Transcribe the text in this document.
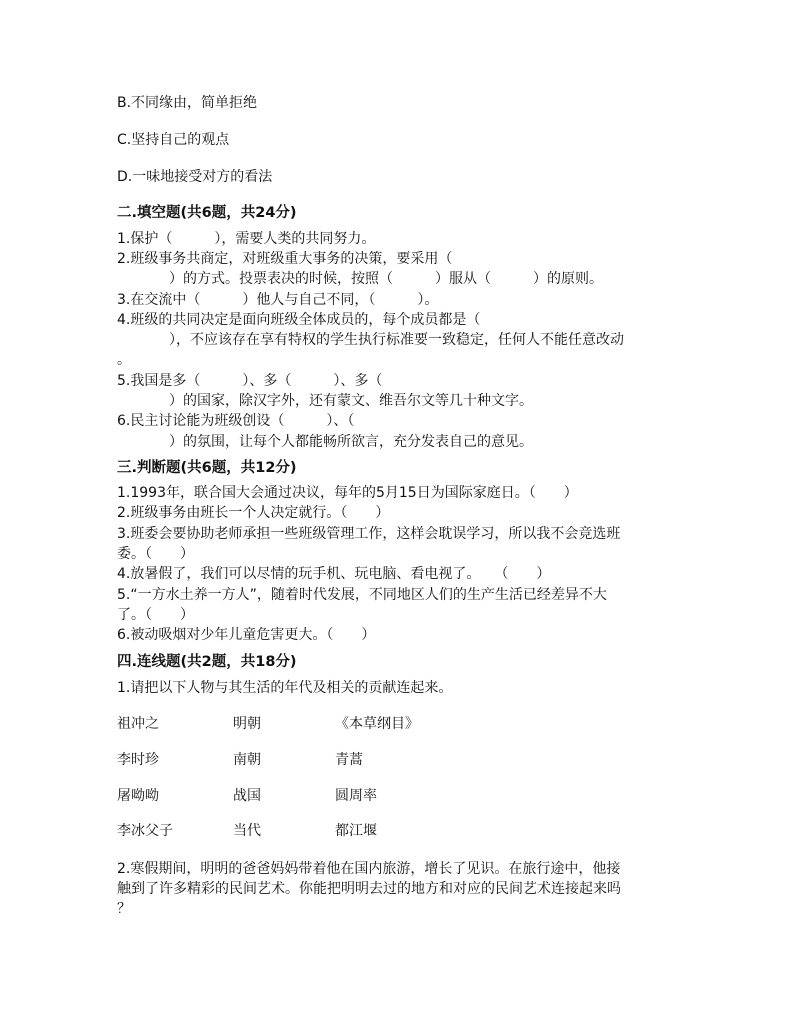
B.不同缘由，简单拒绝
C.坚持自己的观点
D.一味地接受对方的看法
二.填空题(共6题，共24分)
1.保护（　　　），需要人类的共同努力。
2.班级事务共商定，对班级重大事务的决策，要采用（
　　）的方式。投票表决的时候，按照（　　　）服从（　　　）的原则。
3.在交流中（　　　）他人与自己不同，（　　　）。
4.班级的共同决定是面向班级全体成员的，每个成员都是（
　　），不应该存在享有特权的学生执行标准要一致稳定，任何人不能任意改动
。
5.我国是多（　　　）、多（　　　）、多（
　　）的国家，除汉字外，还有蒙文、维吾尔文等几十种文字。
6.民主讨论能为班级创设（　　　）、（
　　）的氛围，让每个人都能畅所欲言，充分发表自己的意见。
三.判断题(共6题，共12分)
1.1993年，联合国大会通过决议，每年的5月15日为国际家庭日。（　　）
2.班级事务由班长一个人决定就行。（　　）
3.班委会要协助老师承担一些班级管理工作，这样会耽误学习，所以我不会竞选班
委。（　　）
4.放暑假了，我们可以尽情的玩手机、玩电脑、看电视了。　　（　　）
5.“一方水土养一方人”，随着时代发展，不同地区人们的生产生活已经差异不大
了。（　　）
6.被动吸烟对少年儿童危害更大。（　　）
四.连线题(共2题，共18分)
1.请把以下人物与其生活的年代及相关的贡献连起来。
祖冲之	明朝	《本草纲目》
李时珍	南朝	青蒿
屠呦呦	战国	圆周率
李冰父子	当代	都江堰
2.寒假期间，明明的爸爸妈妈带着他在国内旅游，增长了见识。在旅行途中，他接
触到了许多精彩的民间艺术。你能把明明去过的地方和对应的民间艺术连接起来吗
？
